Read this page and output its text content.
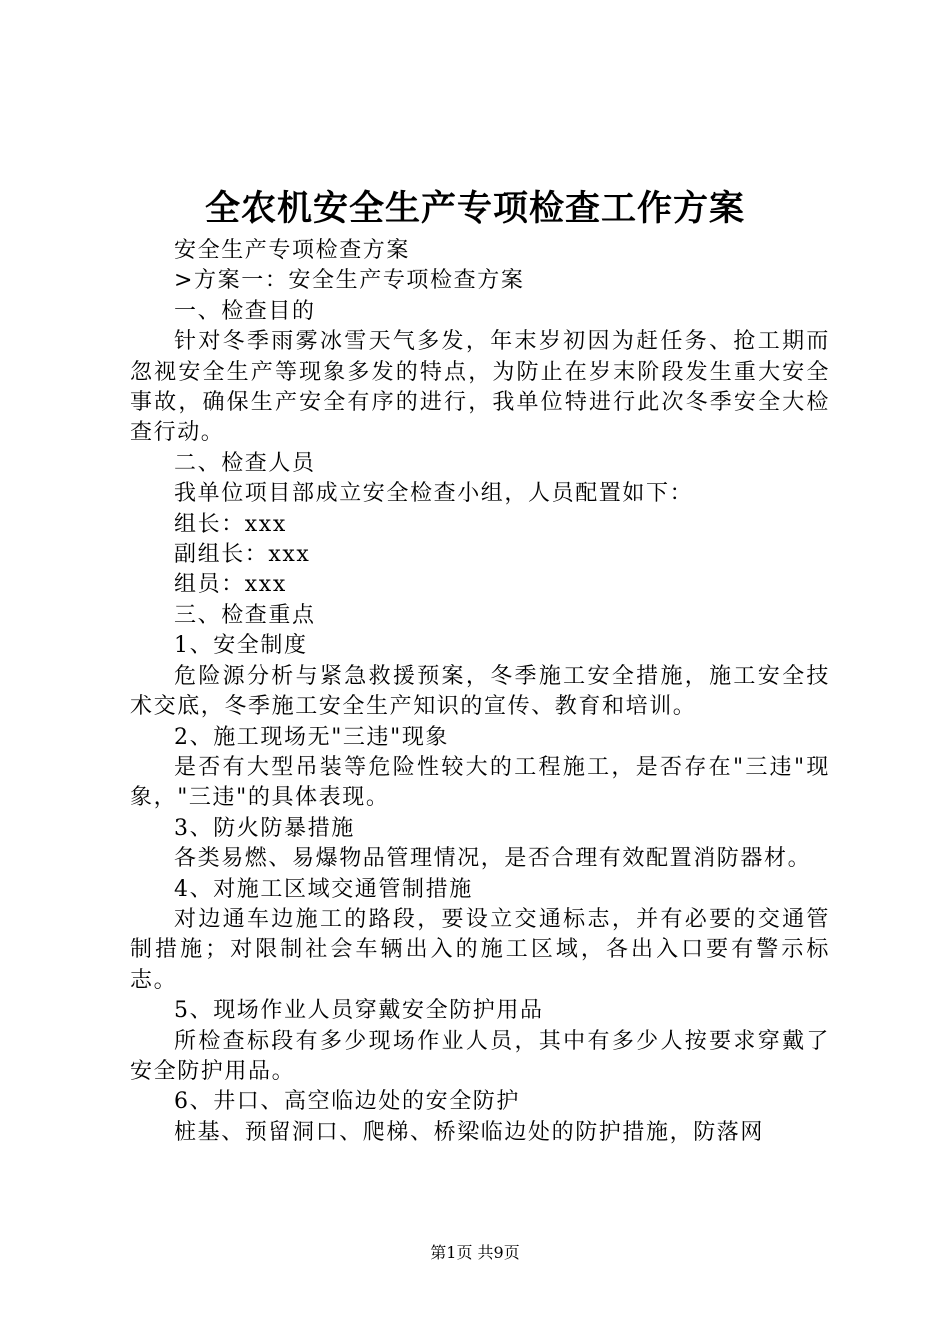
全农机安全生产专项检查工作方案

安全生产专项检查方案

>方案一：安全生产专项检查方案

一、检查目的

针对冬季雨雾冰雪天气多发，年末岁初因为赶任务、抢工期而忽视安全生产等现象多发的特点，为防止在岁末阶段发生重大安全事故，确保生产安全有序的进行，我单位特进行此次冬季安全大检查行动。

二、检查人员

我单位项目部成立安全检查小组，人员配置如下：

组长：xxx

副组长：xxx

组员：xxx

三、检查重点

1、安全制度

危险源分析与紧急救援预案，冬季施工安全措施，施工安全技术交底，冬季施工安全生产知识的宣传、教育和培训。

2、施工现场无"三违"现象

是否有大型吊装等危险性较大的工程施工，是否存在"三违"现象，"三违"的具体表现。

3、防火防暴措施

各类易燃、易爆物品管理情况，是否合理有效配置消防器材。

4、对施工区域交通管制措施

对边通车边施工的路段，要设立交通标志，并有必要的交通管制措施；对限制社会车辆出入的施工区域，各出入口要有警示标志。

5、现场作业人员穿戴安全防护用品

所检查标段有多少现场作业人员，其中有多少人按要求穿戴了安全防护用品。

6、井口、高空临边处的安全防护

桩基、预留洞口、爬梯、桥梁临边处的防护措施，防落网

第1页 共9页
